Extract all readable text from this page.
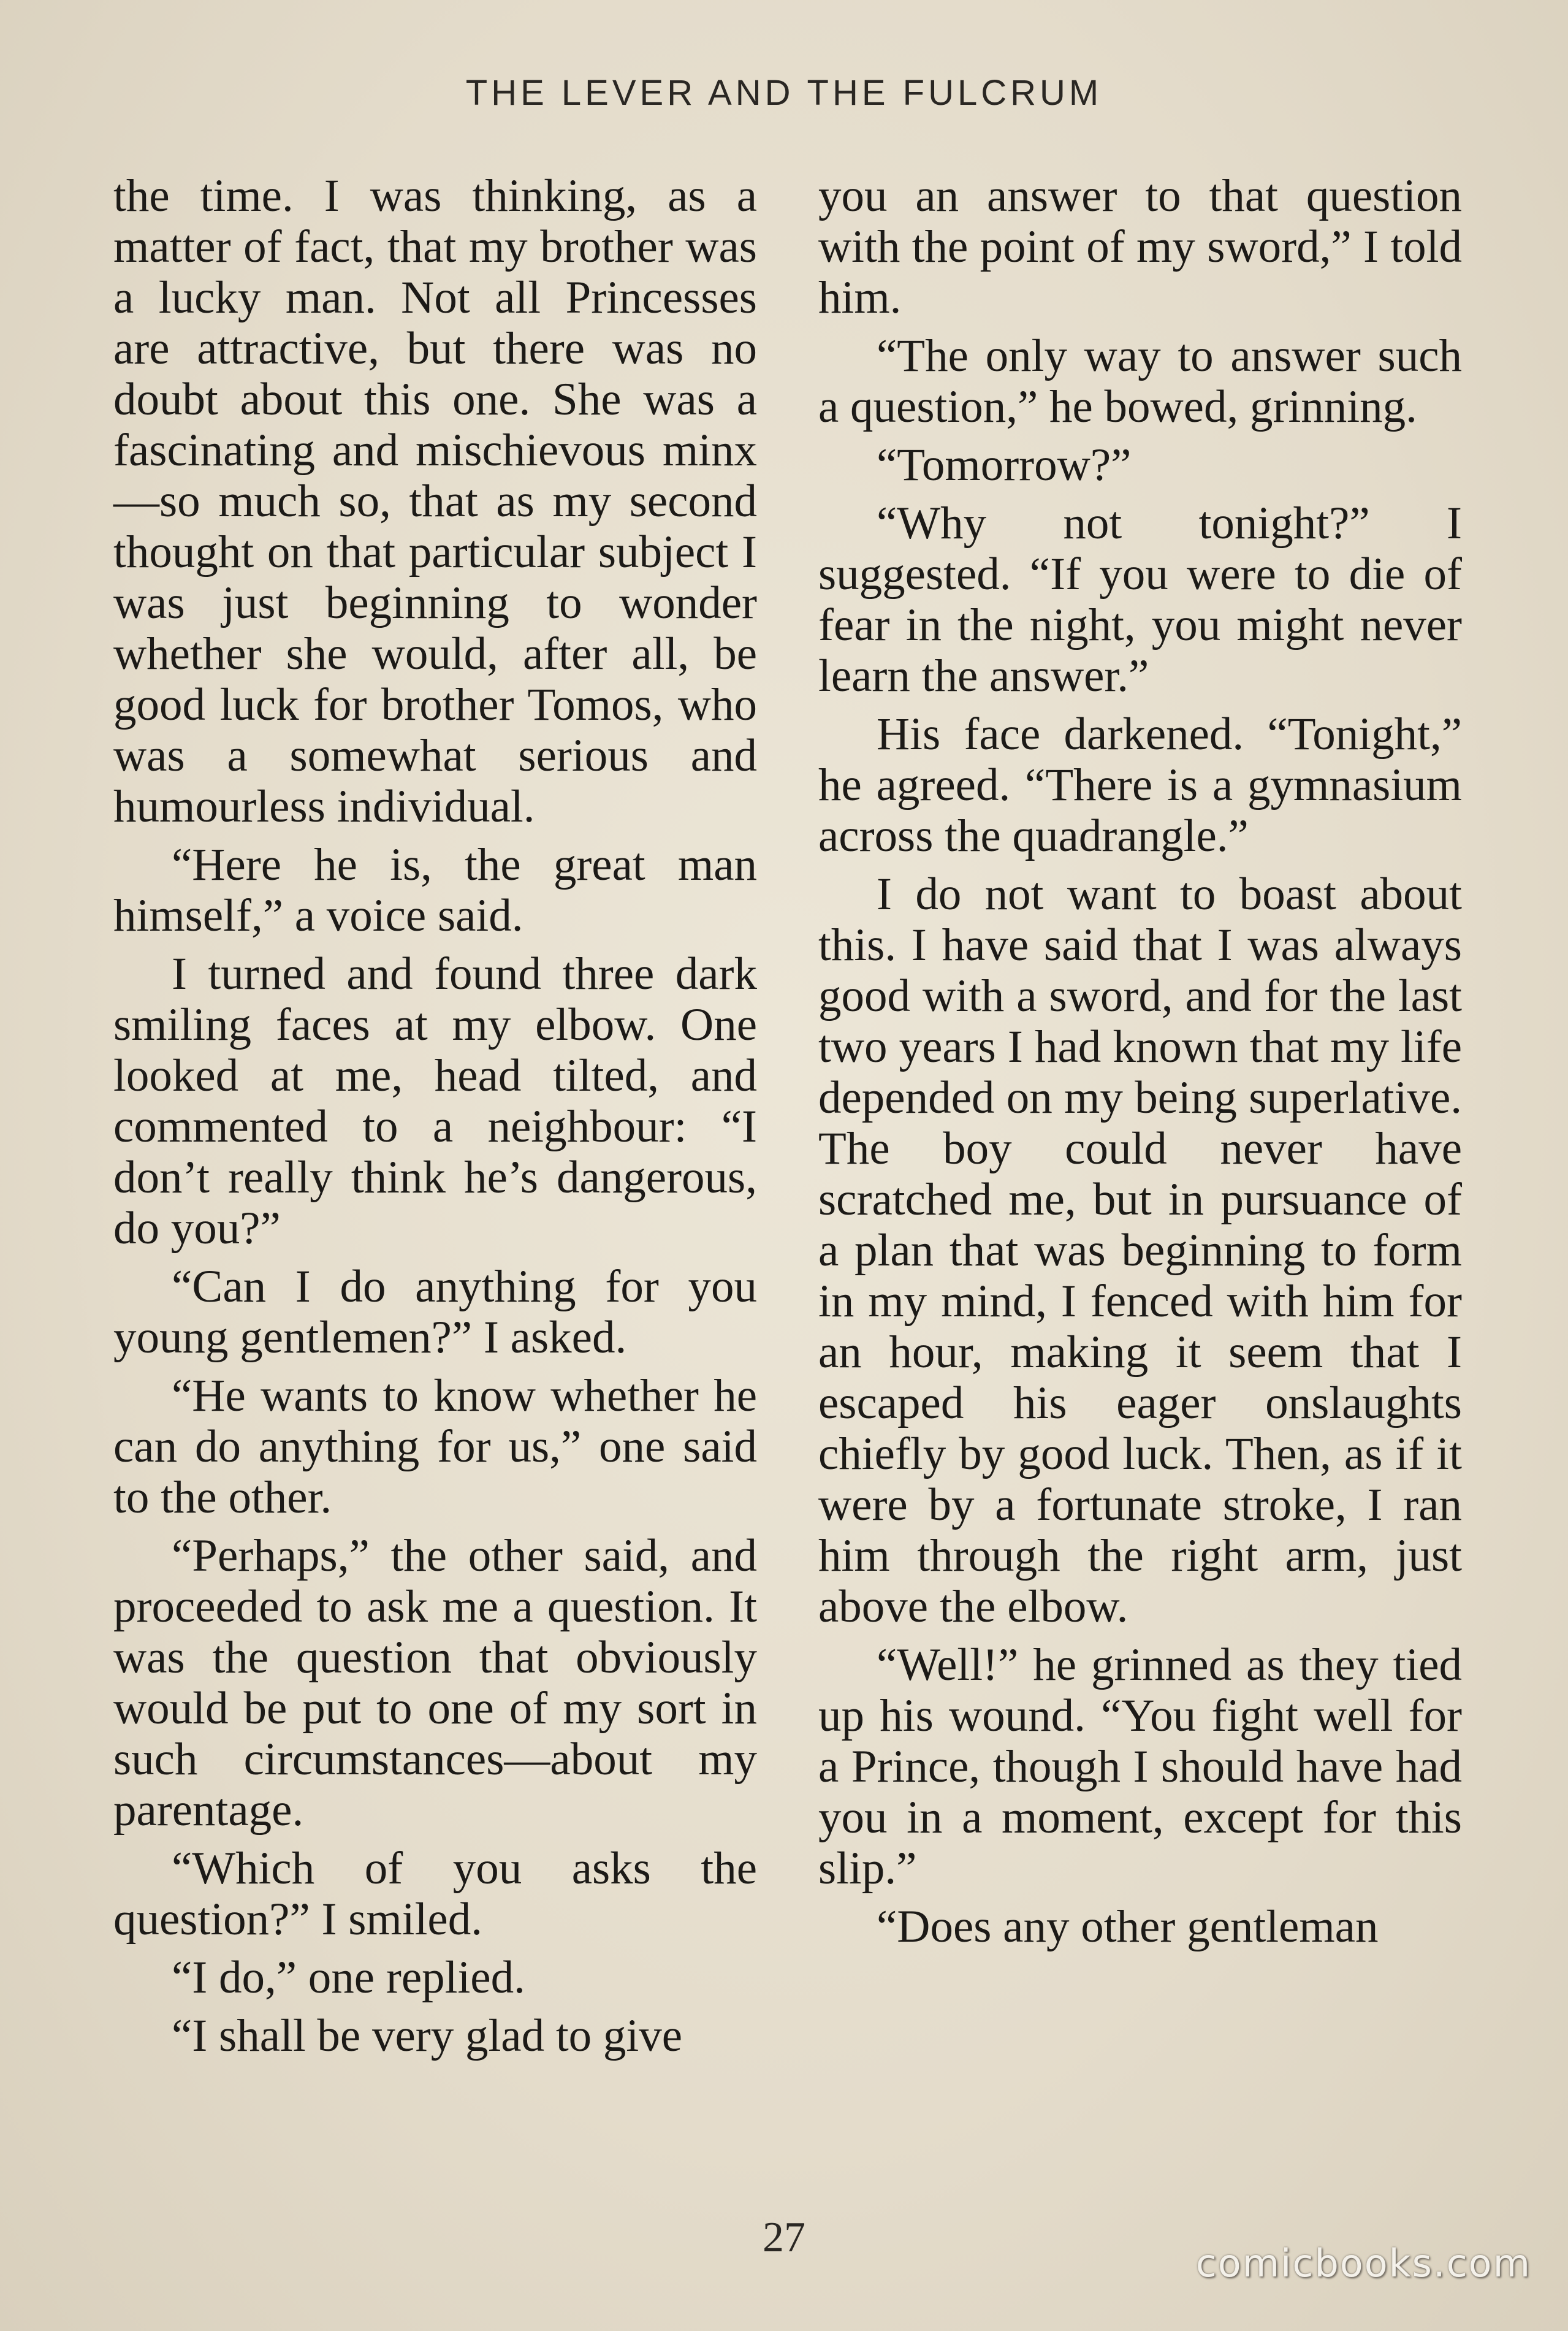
THE LEVER AND THE FULCRUM

the time. I was thinking, as a matter of fact, that my brother was a lucky man. Not all Princesses are attractive, but there was no doubt about this one. She was a fascinating and mischievous minx—so much so, that as my second thought on that particular subject I was just beginning to wonder whether she would, after all, be good luck for brother Tomos, who was a somewhat serious and humourless individual.

“Here he is, the great man himself,” a voice said.

I turned and found three dark smiling faces at my elbow. One looked at me, head tilted, and commented to a neighbour: “I don’t really think he’s dangerous, do you?”

“Can I do anything for you young gentlemen?” I asked.

“He wants to know whether he can do anything for us,” one said to the other.

“Perhaps,” the other said, and proceeded to ask me a question. It was the question that obviously would be put to one of my sort in such circumstances—about my parentage.

“Which of you asks the question?” I smiled.

“I do,” one replied.

“I shall be very glad to give

you an answer to that question with the point of my sword,” I told him.

“The only way to answer such a question,” he bowed, grinning.

“Tomorrow?”

“Why not tonight?” I suggested. “If you were to die of fear in the night, you might never learn the answer.”

His face darkened. “Tonight,” he agreed. “There is a gymnasium across the quadrangle.”

I do not want to boast about this. I have said that I was always good with a sword, and for the last two years I had known that my life depended on my being superlative. The boy could never have scratched me, but in pursuance of a plan that was beginning to form in my mind, I fenced with him for an hour, making it seem that I escaped his eager onslaughts chiefly by good luck. Then, as if it were by a fortunate stroke, I ran him through the right arm, just above the elbow.

“Well!” he grinned as they tied up his wound. “You fight well for a Prince, though I should have had you in a moment, except for this slip.”

“Does any other gentleman

27
comicbooks.com
